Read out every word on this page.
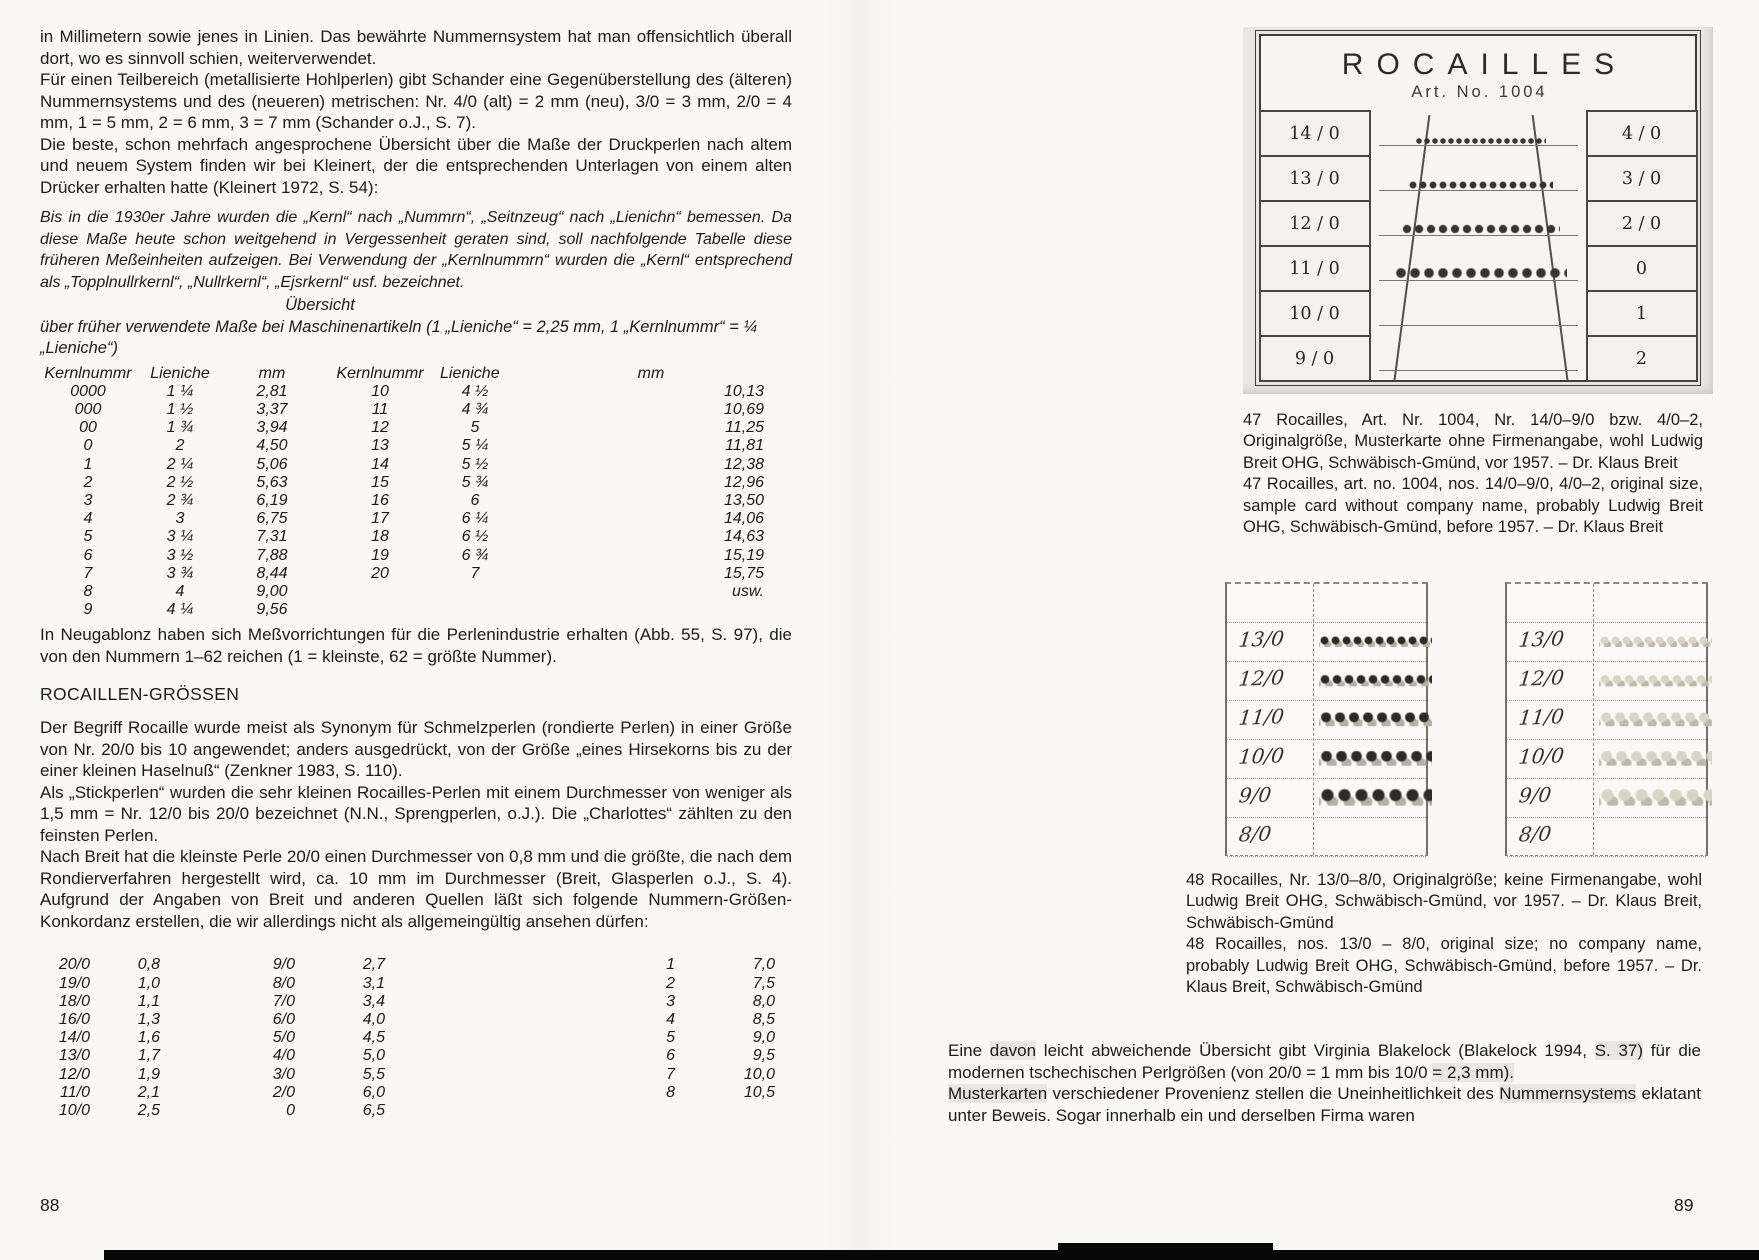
in Millimetern sowie jenes in Linien. Das bewährte Nummernsystem hat man offensichtlich überall dort, wo es sinnvoll schien, weiterverwendet.

Für einen Teilbereich (metallisierte Hohlperlen) gibt Schander eine Gegenüberstellung des (älteren) Nummernsystems und des (neueren) metrischen: Nr. 4/0 (alt) = 2 mm (neu), 3/0 = 3 mm, 2/0 = 4 mm, 1 = 5 mm, 2 = 6 mm, 3 = 7 mm (Schander o.J., S. 7).

Die beste, schon mehrfach angesprochene Übersicht über die Maße der Druckperlen nach altem und neuem System finden wir bei Kleinert, der die entsprechenden Unterlagen von einem alten Drücker erhalten hatte (Kleinert 1972, S. 54):

Bis in die 1930er Jahre wurden die „Kernl“ nach „Nummrn“, „Seitnzeug“ nach „Lienichn“ bemessen. Da diese Maße heute schon weitgehend in Vergessenheit geraten sind, soll nachfolgende Tabelle diese früheren Meßeinheiten aufzeigen. Bei Verwendung der „Kernlnummrn“ wurden die „Kernl“ entsprechend als „Topplnullrkernl“, „Nullrkernl“, „Ejsrkernl“ usf. bezeichnet.

Übersicht

über früher verwendete Maße bei Maschinenartikeln (1 „Lieniche“ = 2,25 mm, 1 „Kernlnummr“ = ¼ „Lieniche“)

Kernlnummr	Lieniche	mm	Kernlnummr	Lieniche	mm
0000	1 ¼	2,81	10	4 ½	10,13
000	1 ½	3,37	11	4 ¾	10,69
00	1 ¾	3,94	12	5	11,25
0	2	4,50	13	5 ¼	11,81
1	2 ¼	5,06	14	5 ½	12,38
2	2 ½	5,63	15	5 ¾	12,96
3	2 ¾	6,19	16	6	13,50
4	3	6,75	17	6 ¼	14,06
5	3 ¼	7,31	18	6 ½	14,63
6	3 ½	7,88	19	6 ¾	15,19
7	3 ¾	8,44	20	7	15,75
8	4	9,00	usw.
9	4 ¼	9,56

In Neugablonz haben sich Meßvorrichtungen für die Perlenindustrie erhalten (Abb. 55, S. 97), die von den Nummern 1–62 reichen (1 = kleinste, 62 = größte Nummer).

ROCAILLEN-GRÖSSEN

Der Begriff Rocaille wurde meist als Synonym für Schmelzperlen (rondierte Perlen) in einer Größe von Nr. 20/0 bis 10 angewendet; anders ausgedrückt, von der Größe „eines Hirsekorns bis zu der einer kleinen Haselnuß“ (Zenkner 1983, S. 110).

Als „Stickperlen“ wurden die sehr kleinen Rocailles-Perlen mit einem Durchmesser von weniger als 1,5 mm = Nr. 12/0 bis 20/0 bezeichnet (N.N., Sprengperlen, o.J.). Die „Charlottes“ zählten zu den feinsten Perlen.

Nach Breit hat die kleinste Perle 20/0 einen Durchmesser von 0,8 mm und die größte, die nach dem Rondierverfahren hergestellt wird, ca. 10 mm im Durchmesser (Breit, Glasperlen o.J., S. 4). Aufgrund der Angaben von Breit und anderen Quellen läßt sich folgende Nummern-Größen-Konkordanz erstellen, die wir allerdings nicht als allgemeingültig ansehen dürfen:

20/0	0,8	9/0	2,7	1	7,0
19/0	1,0	8/0	3,1	2	7,5
18/0	1,1	7/0	3,4	3	8,0
16/0	1,3	6/0	4,0	4	8,5
14/0	1,6	5/0	4,5	5	9,0
13/0	1,7	4/0	5,0	6	9,5
12/0	1,9	3/0	5,5	7	10,0
11/0	2,1	2/0	6,0	8	10,5
10/0	2,5	0	6,5
88
ROCAILLES
Art. No. 1004
14 / 0
13 / 0
12 / 0
11 / 0
10 / 0
9 / 0
4 / 0
3 / 0
2 / 0
0
1
2

47 Rocailles, Art. Nr. 1004, Nr. 14/0–9/0 bzw. 4/0–2, Originalgröße, Musterkarte ohne Firmenangabe, wohl Ludwig Breit OHG, Schwäbisch-Gmünd, vor 1957. – Dr. Klaus Breit

47 Rocailles, art. no. 1004, nos. 14/0–9/0, 4/0–2, original size, sample card without company name, probably Ludwig Breit OHG, Schwäbisch-Gmünd, before 1957. – Dr. Klaus Breit

13/0
12/0
11/0
10/0
9/0
8/0
13/0
12/0
11/0
10/0
9/0
8/0

48 Rocailles, Nr. 13/0–8/0, Originalgröße; keine Firmenangabe, wohl Ludwig Breit OHG, Schwäbisch-Gmünd, vor 1957. – Dr. Klaus Breit, Schwäbisch-Gmünd

48 Rocailles, nos. 13/0 – 8/0, original size; no company name, probably Ludwig Breit OHG, Schwäbisch-Gmünd, before 1957. – Dr. Klaus Breit, Schwäbisch-Gmünd

Eine davon leicht abweichende Übersicht gibt Virginia Blakelock (Blakelock 1994, S. 37) für die modernen tschechischen Perlgrößen (von 20/0 = 1 mm bis 10/0 = 2,3 mm).

Musterkarten verschiedener Provenienz stellen die Uneinheitlichkeit des Nummernsystems eklatant unter Beweis. Sogar innerhalb ein und derselben Firma waren

89
